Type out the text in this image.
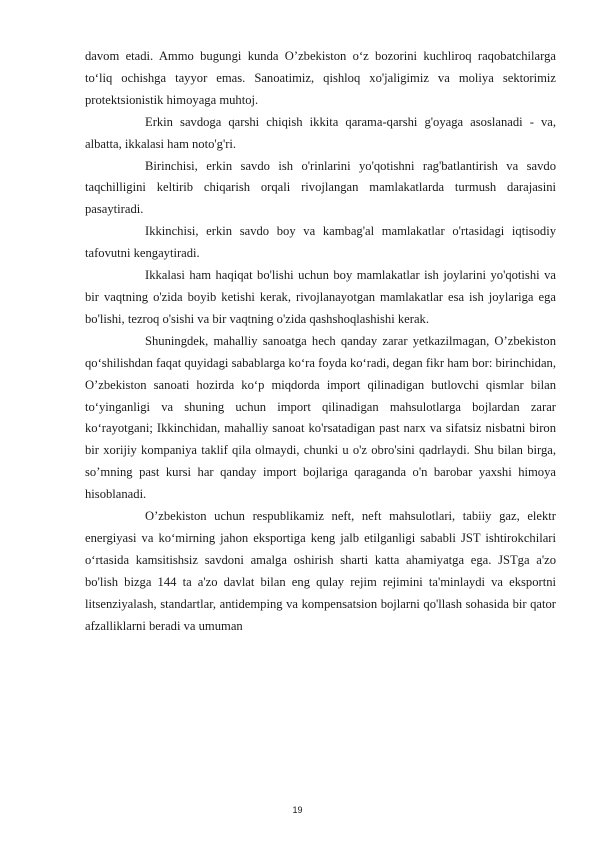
davom etadi. Ammo bugungi kunda O’zbekiston o‘z bozorini kuchliroq raqobatchilarga to‘liq ochishga tayyor emas. Sanoatimiz, qishloq xo'jaligimiz va moliya sektorimiz protektsionistik himoyaga muhtoj.

Erkin savdoga qarshi chiqish ikkita qarama-qarshi g'oyaga asoslanadi - va, albatta, ikkalasi ham noto'g'ri.

Birinchisi, erkin savdo ish o'rinlarini yo'qotishni rag'batlantirish va savdo taqchilligini keltirib chiqarish orqali rivojlangan mamlakatlarda turmush darajasini pasaytiradi.

Ikkinchisi, erkin savdo boy va kambag'al mamlakatlar o'rtasidagi iqtisodiy tafovutni kengaytiradi.

Ikkalasi ham haqiqat bo'lishi uchun boy mamlakatlar ish joylarini yo'qotishi va bir vaqtning o'zida boyib ketishi kerak, rivojlanayotgan mamlakatlar esa ish joylariga ega bo'lishi, tezroq o'sishi va bir vaqtning o'zida qashshoqlashishi kerak.

Shuningdek, mahalliy sanoatga hech qanday zarar yetkazilmagan, O’zbekiston qo‘shilishdan faqat quyidagi sabablarga ko‘ra foyda ko‘radi, degan fikr ham bor: birinchidan, O’zbekiston sanoati hozirda ko‘p miqdorda import qilinadigan butlovchi qismlar bilan to‘yinganligi va shuning uchun import qilinadigan mahsulotlarga bojlardan zarar ko‘rayotgani; Ikkinchidan, mahalliy sanoat ko'rsatadigan past narx va sifatsiz nisbatni biron bir xorijiy kompaniya taklif qila olmaydi, chunki u o'z obro'sini qadrlaydi. Shu bilan birga, so’mning past kursi har qanday import bojlariga qaraganda o'n barobar yaxshi himoya hisoblanadi.

O’zbekiston uchun respublikamiz neft, neft mahsulotlari, tabiiy gaz, elektr energiyasi va ko‘mirning jahon eksportiga keng jalb etilganligi sababli JST ishtirokchilari o‘rtasida kamsitishsiz savdoni amalga oshirish sharti katta ahamiyatga ega. JSTga a'zo bo'lish bizga 144 ta a'zo davlat bilan eng qulay rejim rejimini ta'minlaydi va eksportni litsenziyalash, standartlar, antidemping va kompensatsion bojlarni qo'llash sohasida bir qator afzalliklarni beradi va umuman

19
